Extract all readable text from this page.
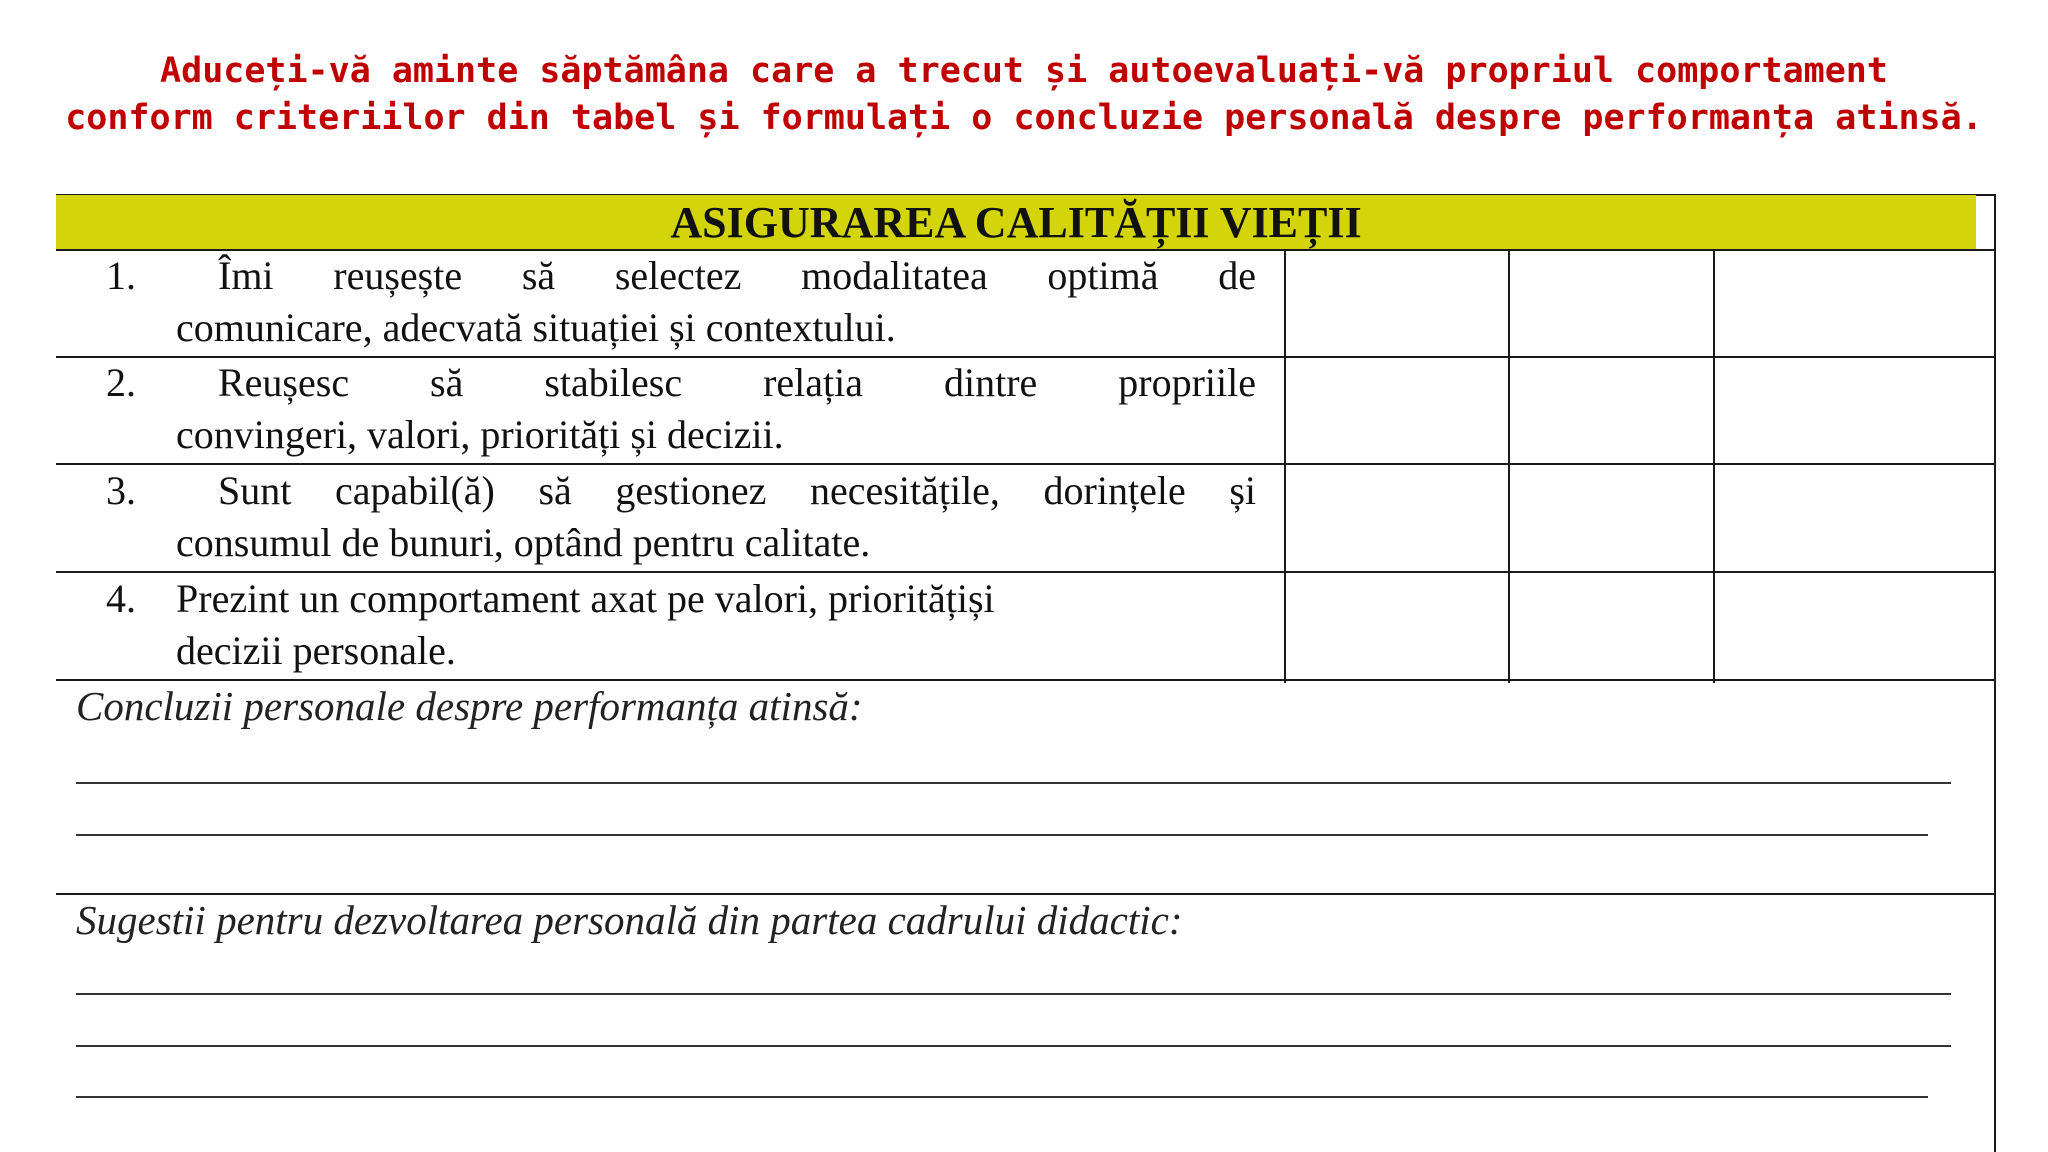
Aduceți-vă aminte săptămâna care a trecut și autoevaluați-vă propriul comportament
conform criteriilor din tabel și formulați o concluzie personală despre performanța atinsă.
ASIGURAREA CALITĂȚII VIEȚII
1. Îmi reușește să selectez modalitatea optimă de
comunicare, adecvată situației și contextului.
2. Reușesc să stabilesc relația dintre propriile
convingeri, valori, priorități și decizii.
3. Sunt capabil(ă) să gestionez necesitățile, dorințele și
consumul de bunuri, optând pentru calitate.
4. Prezint un comportament axat pe valori, prioritățiși
decizii personale.
Concluzii personale despre performanța atinsă:
Sugestii pentru dezvoltarea personală din partea cadrului didactic:
